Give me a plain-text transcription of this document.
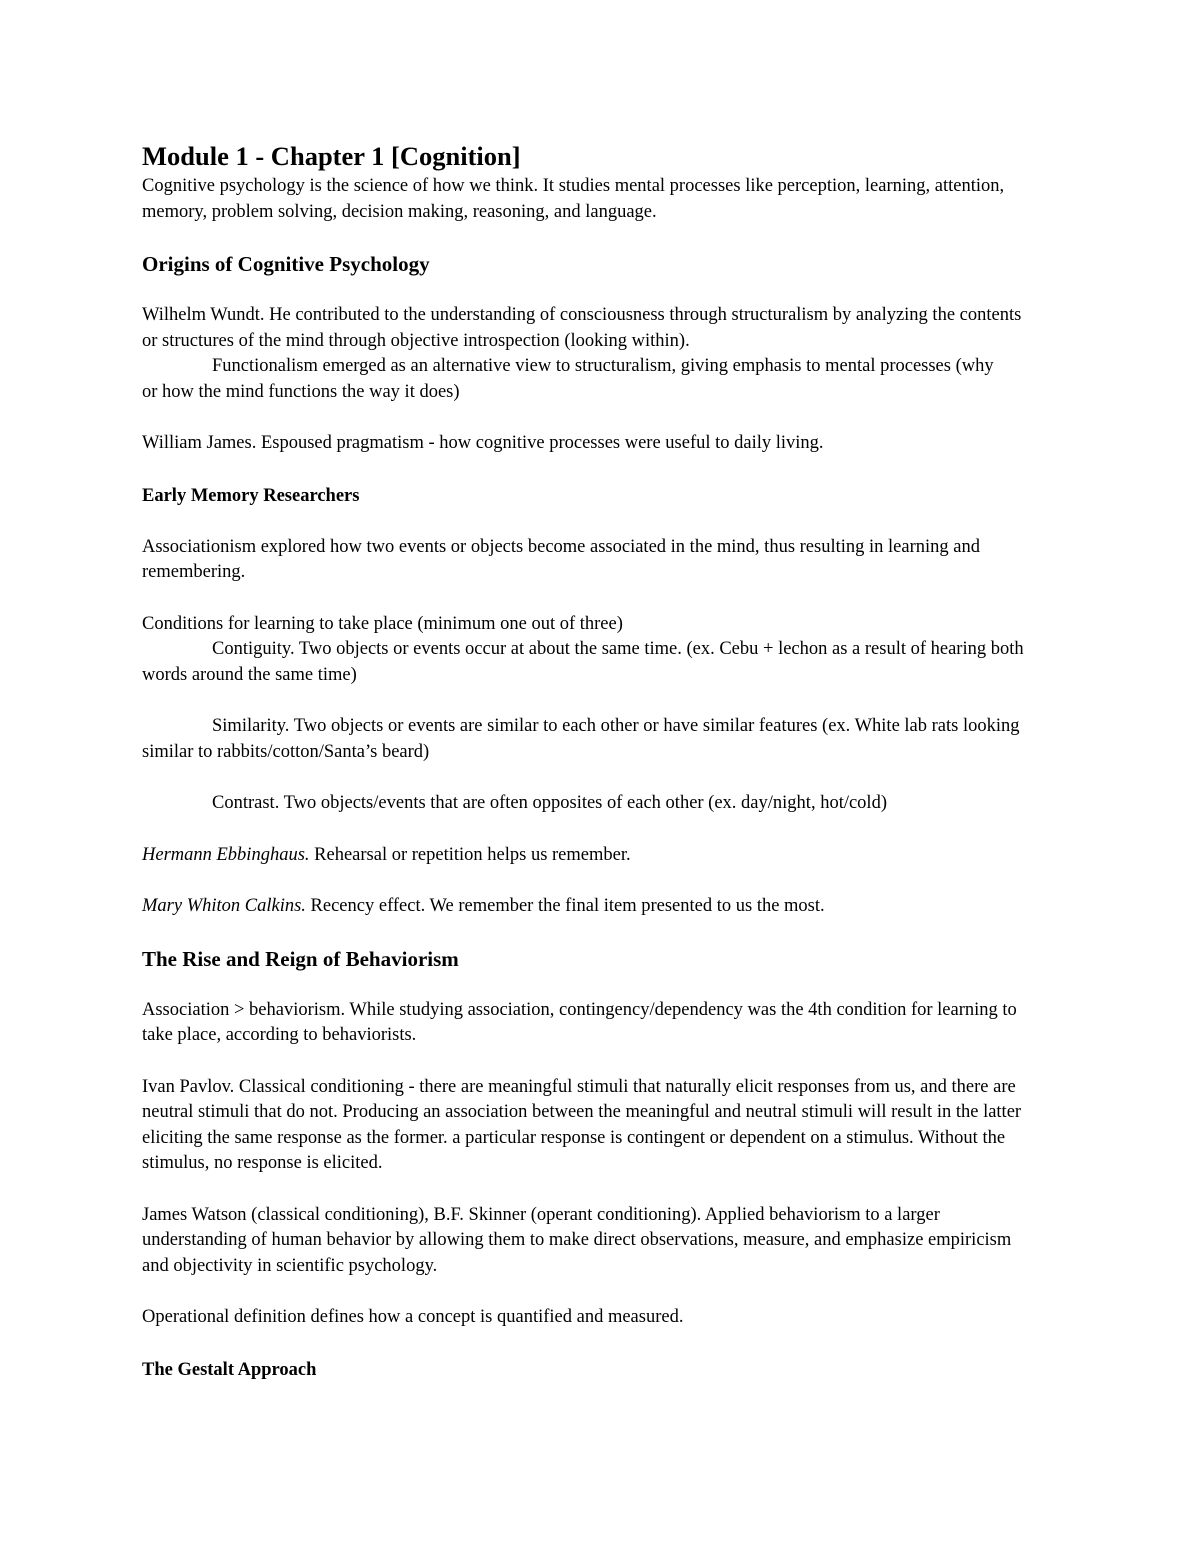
Module 1 - Chapter 1 [Cognition]

Cognitive psychology is the science of how we think. It studies mental processes like perception, learning, attention, memory, problem solving, decision making, reasoning, and language.

Origins of Cognitive Psychology

Wilhelm Wundt. He contributed to the understanding of consciousness through structuralism by analyzing the contents or structures of the mind through objective introspection (looking within).

Functionalism emerged as an alternative view to structuralism, giving emphasis to mental processes (why or how the mind functions the way it does)

William James. Espoused pragmatism - how cognitive processes were useful to daily living.

Early Memory Researchers

Associationism explored how two events or objects become associated in the mind, thus resulting in learning and remembering.

Conditions for learning to take place (minimum one out of three)

Contiguity. Two objects or events occur at about the same time. (ex. Cebu + lechon as a result of hearing both words around the same time)

Similarity. Two objects or events are similar to each other or have similar features (ex. White lab rats looking similar to rabbits/cotton/Santa’s beard)

Contrast. Two objects/events that are often opposites of each other (ex. day/night, hot/cold)

Hermann Ebbinghaus. Rehearsal or repetition helps us remember.

Mary Whiton Calkins. Recency effect. We remember the final item presented to us the most.

The Rise and Reign of Behaviorism

Association > behaviorism. While studying association, contingency/dependency was the 4th condition for learning to take place, according to behaviorists.

Ivan Pavlov. Classical conditioning - there are meaningful stimuli that naturally elicit responses from us, and there are neutral stimuli that do not. Producing an association between the meaningful and neutral stimuli will result in the latter eliciting the same response as the former. a particular response is contingent or dependent on a stimulus. Without the stimulus, no response is elicited.

James Watson (classical conditioning), B.F. Skinner (operant conditioning). Applied behaviorism to a larger understanding of human behavior by allowing them to make direct observations, measure, and emphasize empiricism and objectivity in scientific psychology.

Operational definition defines how a concept is quantified and measured.

The Gestalt Approach
